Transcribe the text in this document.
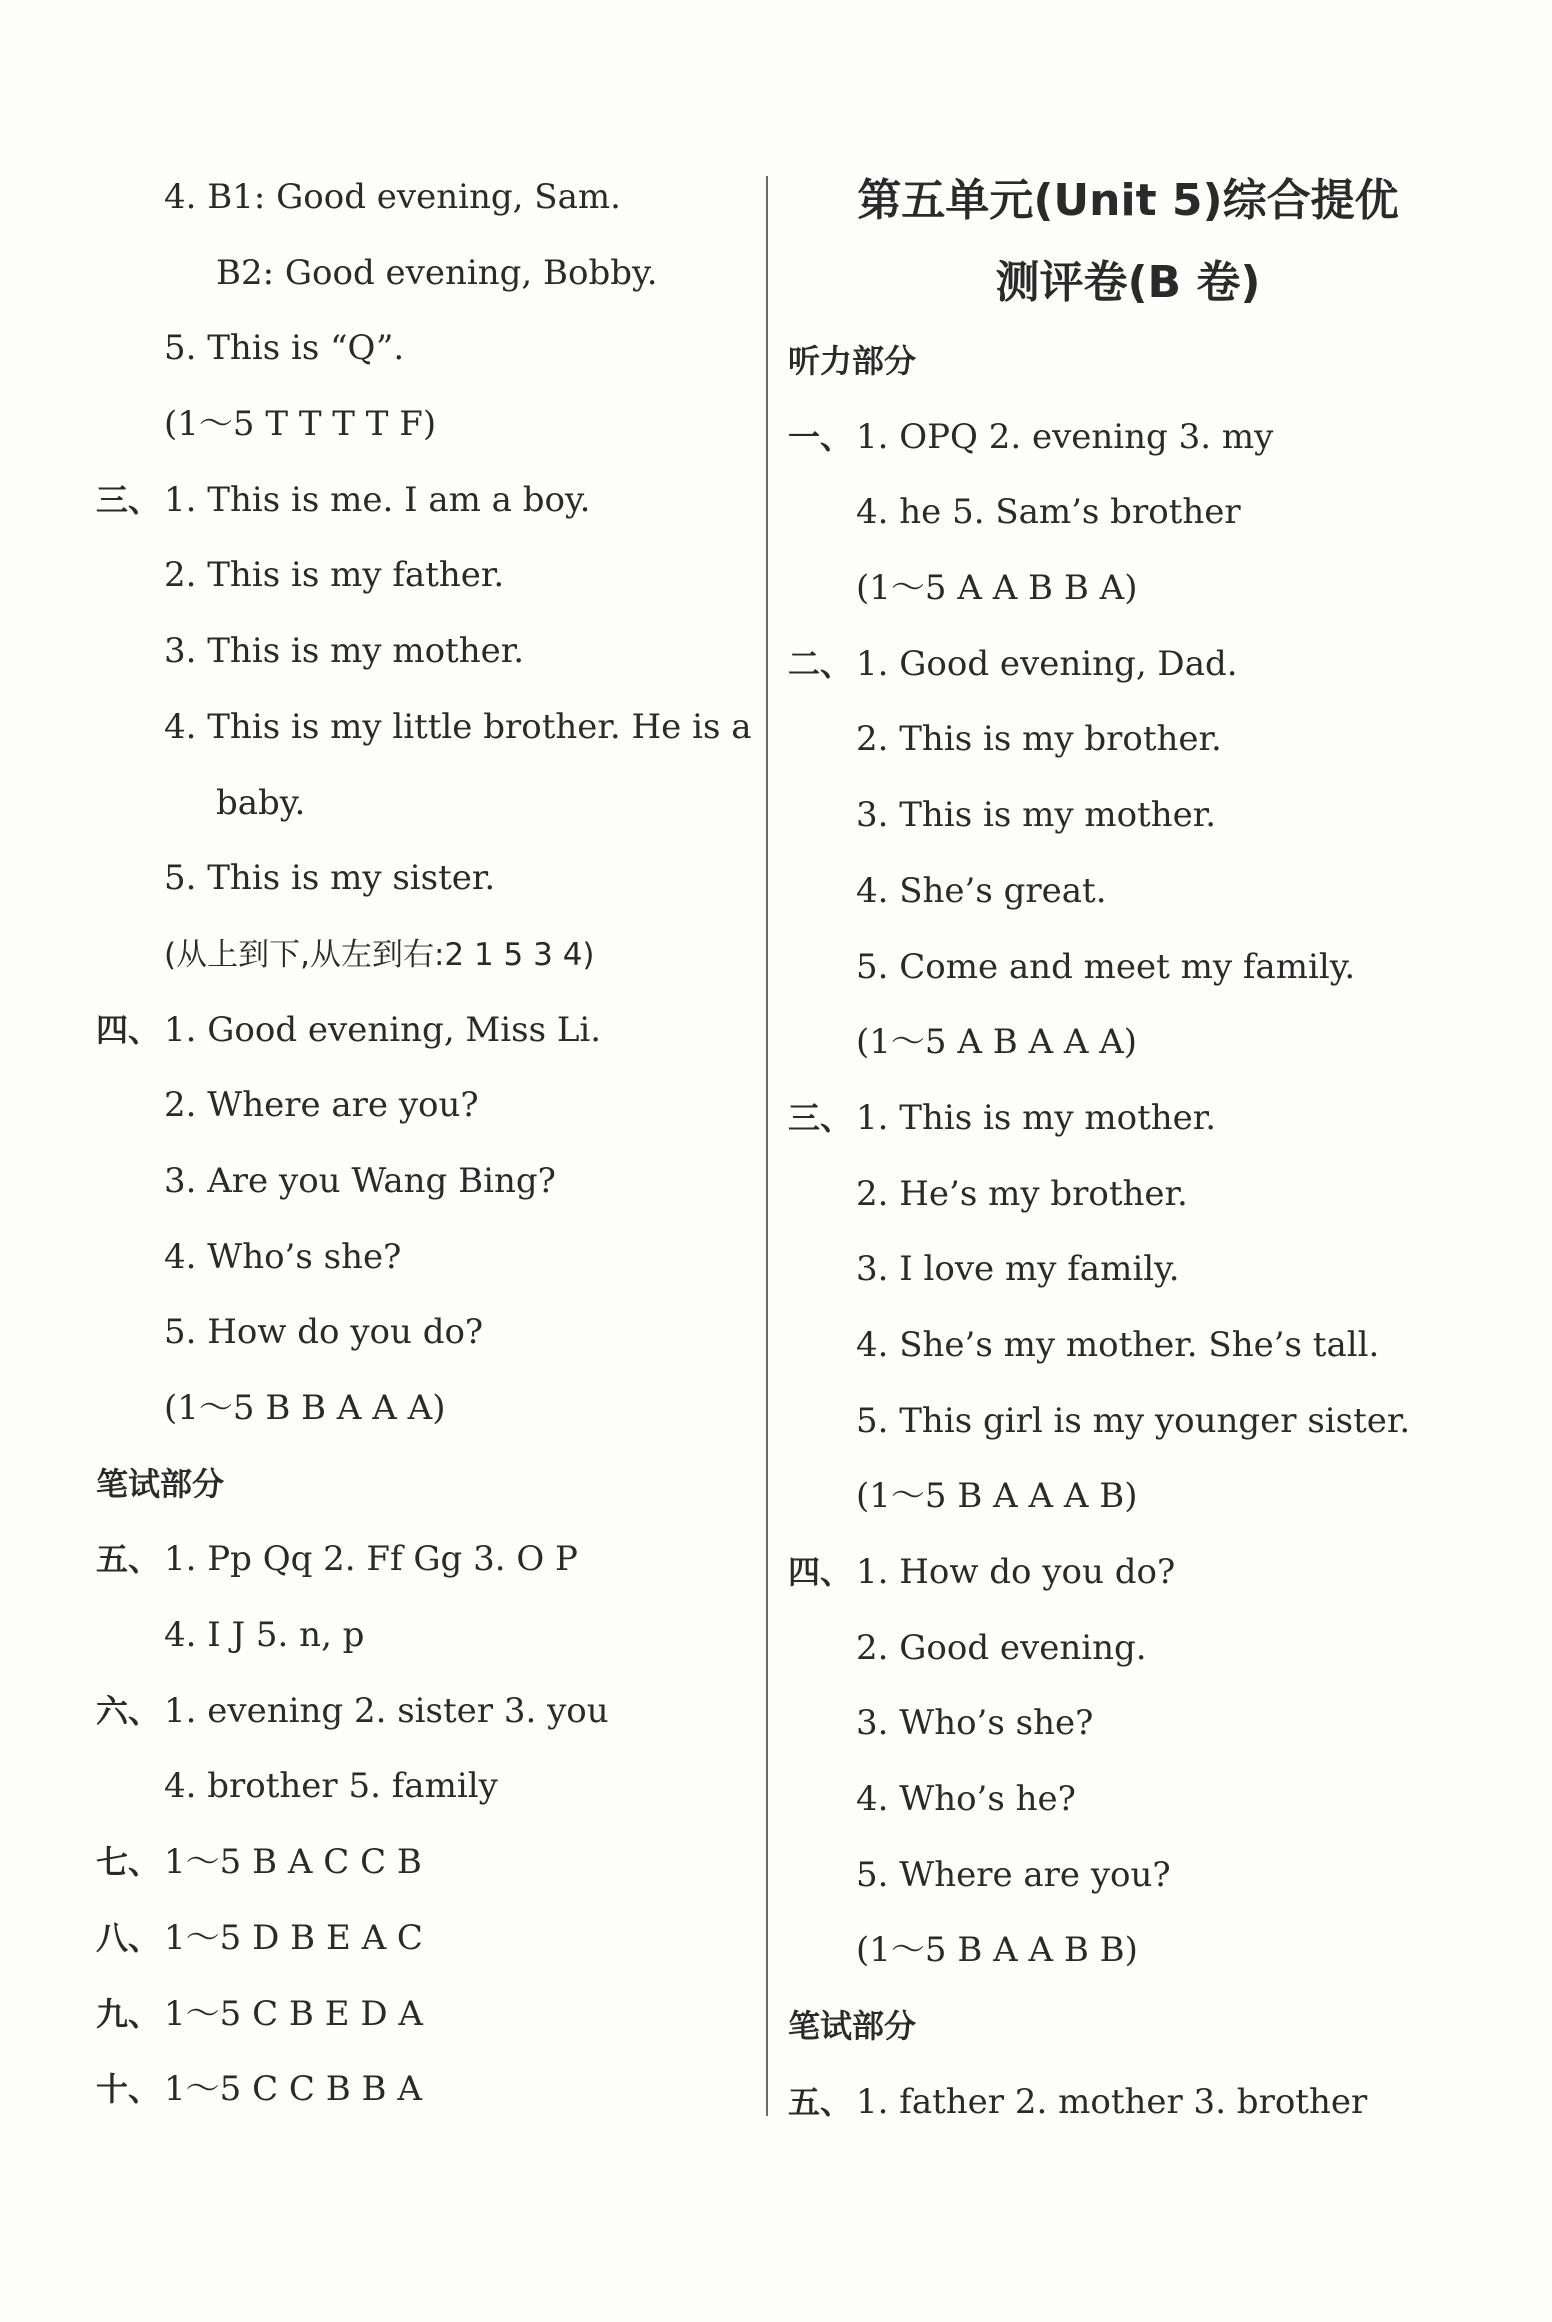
4. B1: Good evening, Sam.
B2: Good evening, Bobby.
5. This is “Q”.
(1～5 T T T T F)
三、 1. This is me. I am a boy.
2. This is my father.
3. This is my mother.
4. This is my little brother. He is a
baby.
5. This is my sister.
(从上到下,从左到右:2 1 5 3 4)
四、 1. Good evening, Miss Li.
2. Where are you?
3. Are you Wang Bing?
4. Who’s she?
5. How do you do?
(1～5 B B A A A)
笔试部分
五、 1. Pp Qq 2. Ff Gg 3. O P
4. I J 5. n, p
六、 1. evening 2. sister 3. you
4. brother 5. family
七、 1～5 B A C C B
八、 1～5 D B E A C
九、 1～5 C B E D A
十、 1～5 C C B B A
第五单元(Unit 5)综合提优
测评卷(B 卷)
听力部分
一、 1. OPQ 2. evening 3. my
4. he 5. Sam’s brother
(1～5 A A B B A)
二、 1. Good evening, Dad.
2. This is my brother.
3. This is my mother.
4. She’s great.
5. Come and meet my family.
(1～5 A B A A A)
三、 1. This is my mother.
2. He’s my brother.
3. I love my family.
4. She’s my mother. She’s tall.
5. This girl is my younger sister.
(1～5 B A A A B)
四、 1. How do you do?
2. Good evening.
3. Who’s she?
4. Who’s he?
5. Where are you?
(1～5 B A A B B)
笔试部分
五、 1. father 2. mother 3. brother
